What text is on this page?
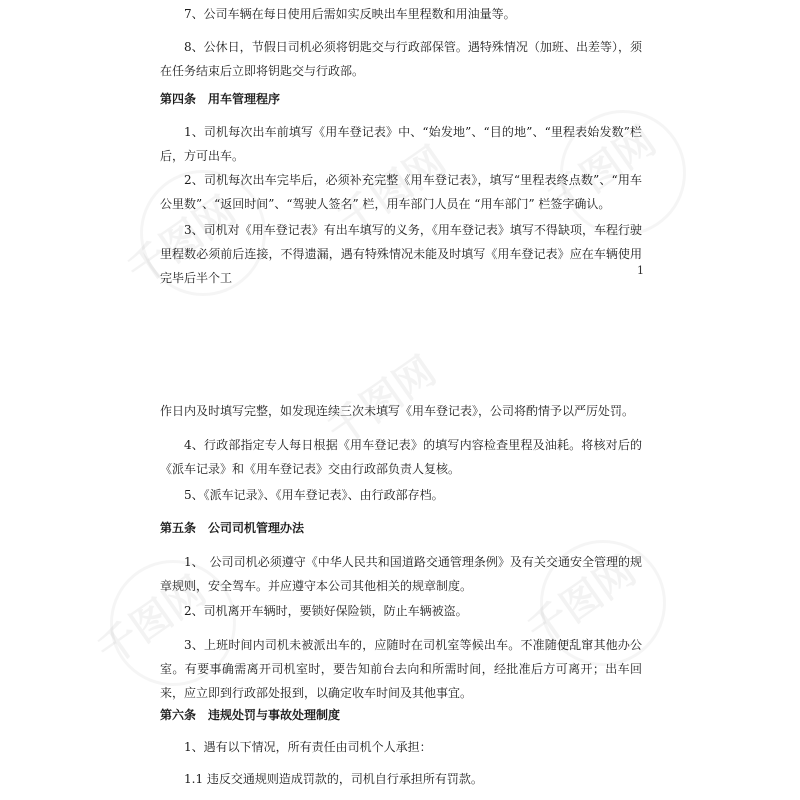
7、公司车辆在每日使用后需如实反映出车里程数和用油量等。

8、公休日，节假日司机必须将钥匙交与行政部保管。遇特殊情况（加班、出差等），须在任务结束后立即将钥匙交与行政部。

第四条　用车管理程序

1、司机每次出车前填写《用车登记表》中、“始发地”、“目的地”、“里程表始发数”栏后，方可出车。

2、司机每次出车完毕后，必须补充完整《用车登记表》，填写“里程表终点数”、“用车公里数”、“返回时间”、“驾驶人签名” 栏，用车部门人员在 “用车部门” 栏签字确认。

3、司机对《用车登记表》有出车填写的义务，《用车登记表》填写不得缺项，车程行驶里程数必须前后连接，不得遗漏，遇有特殊情况未能及时填写《用车登记表》应在车辆使用完毕后半个工

1

作日内及时填写完整，如发现连续三次未填写《用车登记表》，公司将酌情予以严厉处罚。

4、行政部指定专人每日根据《用车登记表》的填写内容检查里程及油耗。将核对后的《派车记录》和《用车登记表》交由行政部负责人复核。

5、《派车记录》、《用车登记表》、由行政部存档。

第五条　公司司机管理办法

1、　公司司机必须遵守《中华人民共和国道路交通管理条例》及有关交通安全管理的规章规则，安全驾车。并应遵守本公司其他相关的规章制度。

2、司机离开车辆时，要锁好保险锁，防止车辆被盗。

3、上班时间内司机未被派出车的，应随时在司机室等候出车。不准随便乱窜其他办公室。有要事确需离开司机室时，要告知前台去向和所需时间，经批准后方可离开；出车回来，应立即到行政部处报到，以确定收车时间及其他事宜。

第六条　违规处罚与事故处理制度

1、遇有以下情况，所有责任由司机个人承担：

1.1 违反交通规则造成罚款的，司机自行承担所有罚款。
